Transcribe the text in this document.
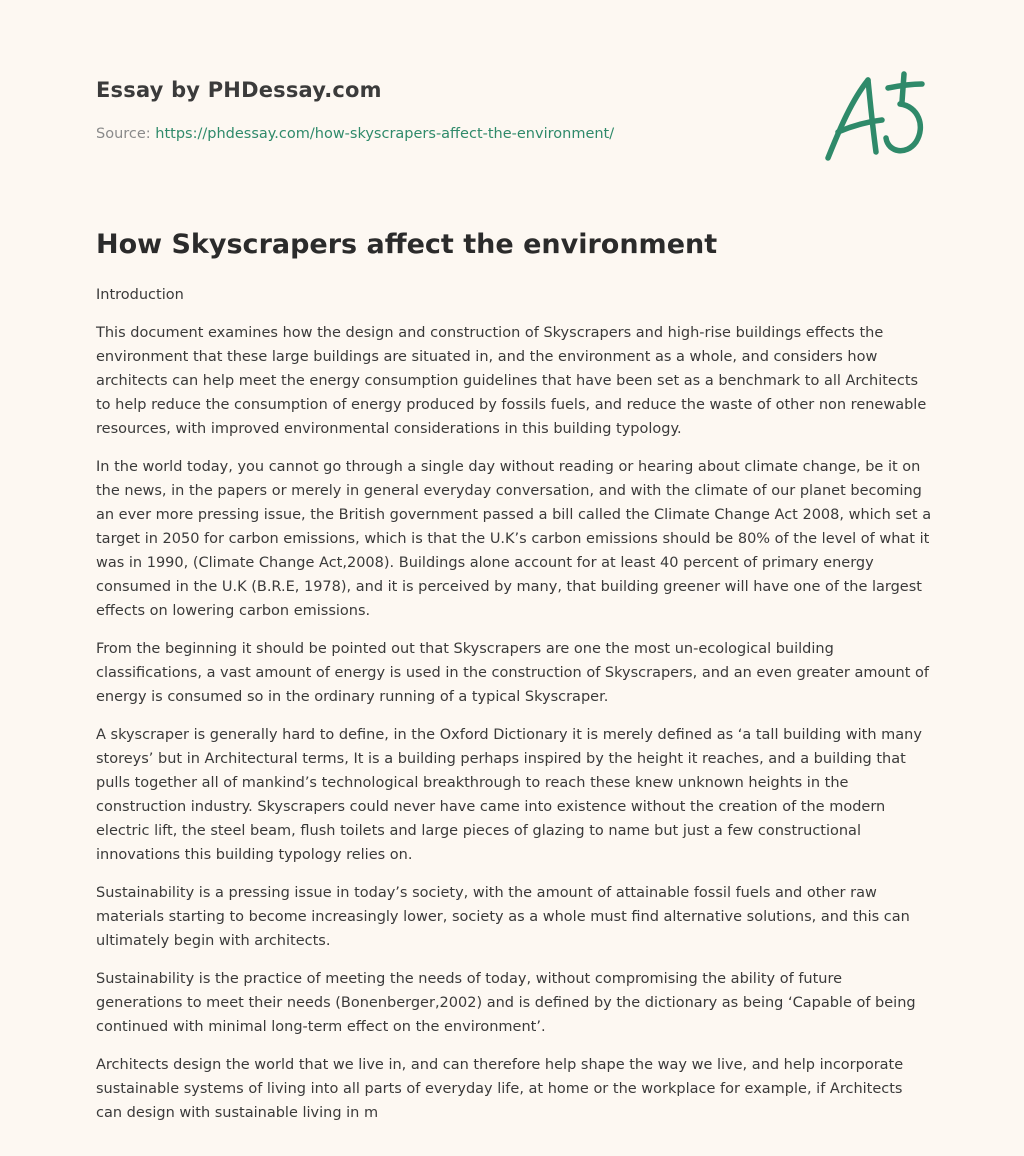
Essay by PHDessay.com
Source: https://phdessay.com/how-skyscrapers-affect-the-environment/
How Skyscrapers affect the environment
Introduction

This document examines how the design and construction of Skyscrapers and high-rise buildings effects the environment that these large buildings are situated in, and the environment as a whole, and considers how architects can help meet the energy consumption guidelines that have been set as a benchmark to all Architects to help reduce the consumption of energy produced by fossils fuels, and reduce the waste of other non renewable resources, with improved environmental considerations in this building typology.

In the world today, you cannot go through a single day without reading or hearing about climate change, be it on the news, in the papers or merely in general everyday conversation, and with the climate of our planet becoming an ever more pressing issue, the British government passed a bill called the Climate Change Act 2008, which set a target in 2050 for carbon emissions, which is that the U.K’s carbon emissions should be 80% of the level of what it was in 1990, (Climate Change Act,2008). Buildings alone account for at least 40 percent of primary energy consumed in the U.K (B.R.E, 1978), and it is perceived by many, that building greener will have one of the largest effects on lowering carbon emissions.

From the beginning it should be pointed out that Skyscrapers are one the most un-ecological building classifications, a vast amount of energy is used in the construction of Skyscrapers, and an even greater amount of energy is consumed so in the ordinary running of a typical Skyscraper.

A skyscraper is generally hard to define, in the Oxford Dictionary it is merely defined as ‘a tall building with many storeys’ but in Architectural terms, It is a building perhaps inspired by the height it reaches, and a building that pulls together all of mankind’s technological breakthrough to reach these knew unknown heights in the construction industry. Skyscrapers could never have came into existence without the creation of the modern electric lift, the steel beam, flush toilets and large pieces of glazing to name but just a few constructional innovations this building typology relies on.

Sustainability is a pressing issue in today’s society, with the amount of attainable fossil fuels and other raw materials starting to become increasingly lower, society as a whole must find alternative solutions, and this can ultimately begin with architects.

Sustainability is the practice of meeting the needs of today, without compromising the ability of future generations to meet their needs (Bonenberger,2002) and is defined by the dictionary as being ‘Capable of being continued with minimal long-term effect on the environment’.

Architects design the world that we live in, and can therefore help shape the way we live, and help incorporate sustainable systems of living into all parts of everyday life, at home or the workplace for example, if Architects can design with sustainable living in m
